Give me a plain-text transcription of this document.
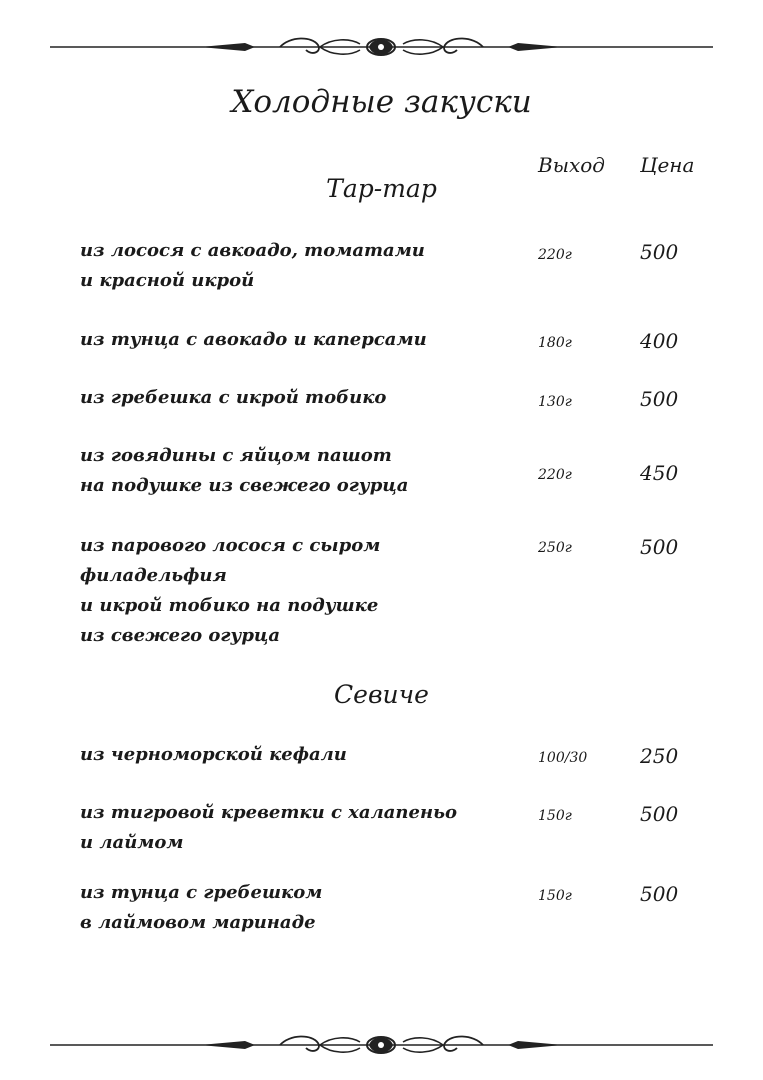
Холодные закуски
Выход Цена
Тар-тар
из лосося с авкоадо, томатами
и красной икрой
220г	500
из тунца с авокадо и каперсами	180г	400
из гребешка с икрой тобико	130г	500
из говядины с яйцом пашот
на подушке из свежего огурца	220г	450
из парового лосося с сыром филадельфия
и икрой тобико на подушке
из свежего огурца
250г	500
Севиче
из черноморской кефали	100/30	250
из тигровой креветки с халапеньо
и лаймом
150г	500
из тунца с гребешком
в лаймовом маринаде
150г	500
